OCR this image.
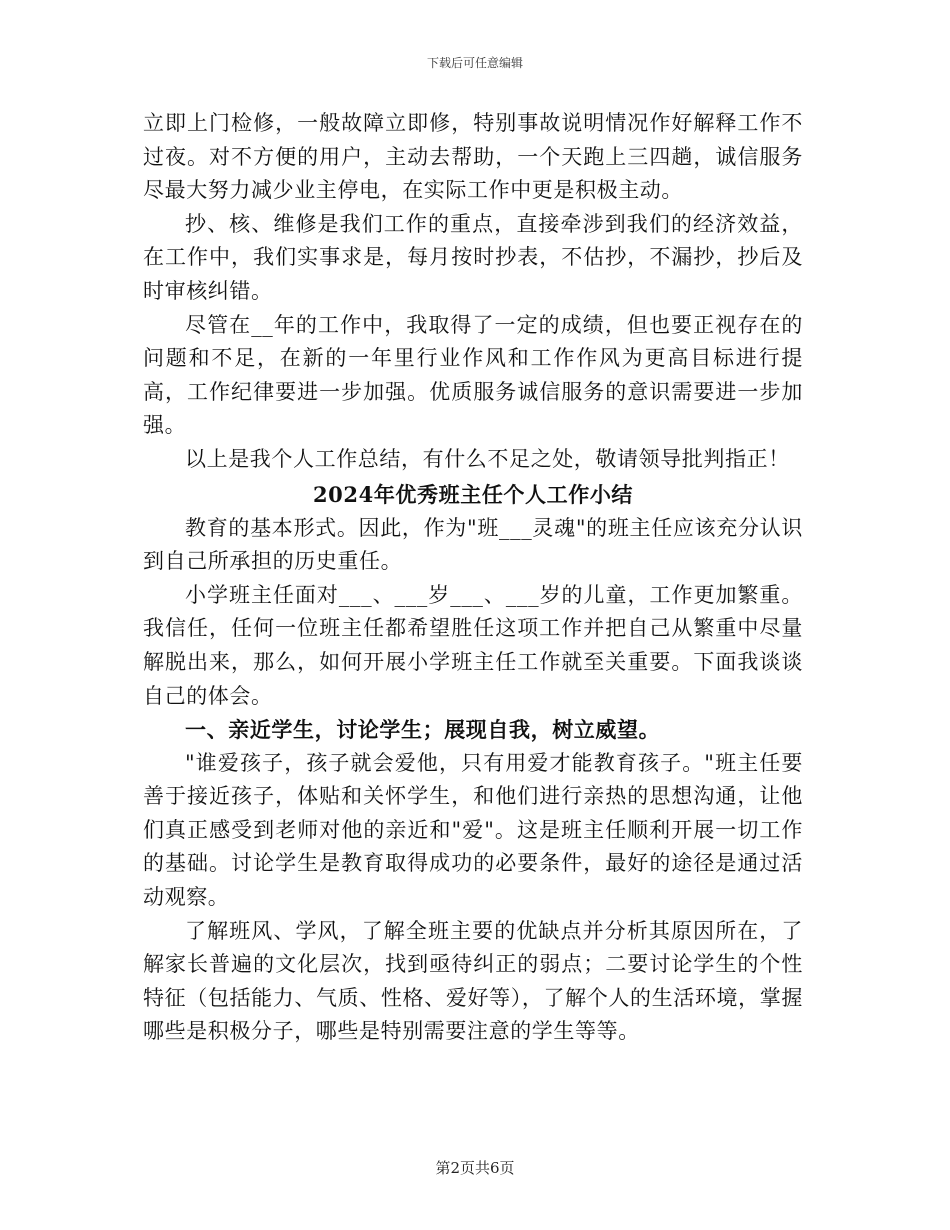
下载后可任意编辑

立即上门检修，一般故障立即修，特别事故说明情况作好解释工作不过夜。对不方便的用户，主动去帮助，一个天跑上三四趟，诚信服务尽最大努力减少业主停电，在实际工作中更是积极主动。

抄、核、维修是我们工作的重点，直接牵涉到我们的经济效益，在工作中，我们实事求是，每月按时抄表，不估抄，不漏抄，抄后及时审核纠错。

尽管在__年的工作中，我取得了一定的成绩，但也要正视存在的问题和不足，在新的一年里行业作风和工作作风为更高目标进行提高，工作纪律要进一步加强。优质服务诚信服务的意识需要进一步加强。

以上是我个人工作总结，有什么不足之处，敬请领导批判指正！

2024年优秀班主任个人工作小结

教育的基本形式。因此，作为"班___灵魂"的班主任应该充分认识到自己所承担的历史重任。

小学班主任面对___、___岁___、___岁的儿童，工作更加繁重。我信任，任何一位班主任都希望胜任这项工作并把自己从繁重中尽量解脱出来，那么，如何开展小学班主任工作就至关重要。下面我谈谈自己的体会。

一、亲近学生，讨论学生；展现自我，树立威望。

"谁爱孩子，孩子就会爱他，只有用爱才能教育孩子。"班主任要善于接近孩子，体贴和关怀学生，和他们进行亲热的思想沟通，让他们真正感受到老师对他的亲近和"爱"。这是班主任顺利开展一切工作的基础。讨论学生是教育取得成功的必要条件，最好的途径是通过活动观察。

了解班风、学风，了解全班主要的优缺点并分析其原因所在，了解家长普遍的文化层次，找到亟待纠正的弱点；二要讨论学生的个性特征（包括能力、气质、性格、爱好等），了解个人的生活环境，掌握哪些是积极分子，哪些是特别需要注意的学生等等。

第2页共6页
